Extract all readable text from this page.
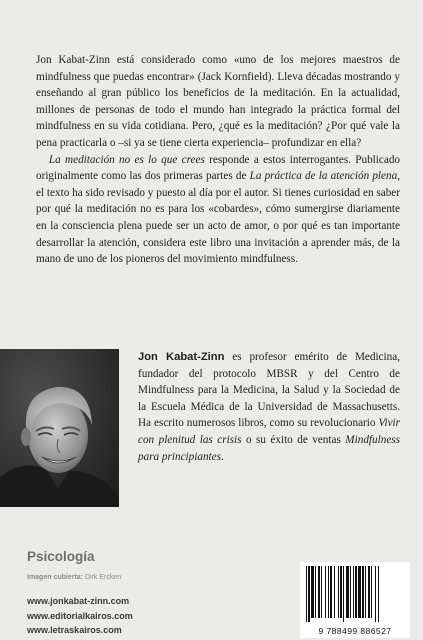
Jon Kabat-Zinn está considerado como «uno de los mejores maestros de mindfulness que puedas encontrar» (Jack Kornfield). Lleva décadas mostrando y enseñando al gran público los beneficios de la meditación. En la actualidad, millones de personas de todo el mundo han integrado la práctica formal del mindfulness en su vida cotidiana. Pero, ¿qué es la meditación? ¿Por qué vale la pena practicarla o –si ya se tiene cierta experiencia– profundizar en ella?

La meditación no es lo que crees responde a estos interrogantes. Publicado originalmente como las dos primeras partes de La práctica de la atención plena, el texto ha sido revisado y puesto al día por el autor. Si tienes curiosidad en saber por qué la meditación no es para los «cobardes», cómo sumergirse diariamente en la consciencia plena puede ser un acto de amor, o por qué es tan importante desarrollar la atención, considera este libro una invitación a aprender más, de la mano de uno de los pioneros del movimiento mindfulness.

Jon Kabat-Zinn es profesor emérito de Medicina, fundador del protocolo MBSR y del Centro de Mindfulness para la Medicina, la Salud y la Sociedad de la Escuela Médica de la Universidad de Massachusetts. Ha escrito numerosos libros, como su revolucionario Vivir con plenitud las crisis o su éxito de ventas Mindfulness para principiantes.

Psicología
Imagen cubierta: Dirk Ercken
www.jonkabat-zinn.com
www.editorialkairos.com
www.letraskairos.com	9 788499 886527
